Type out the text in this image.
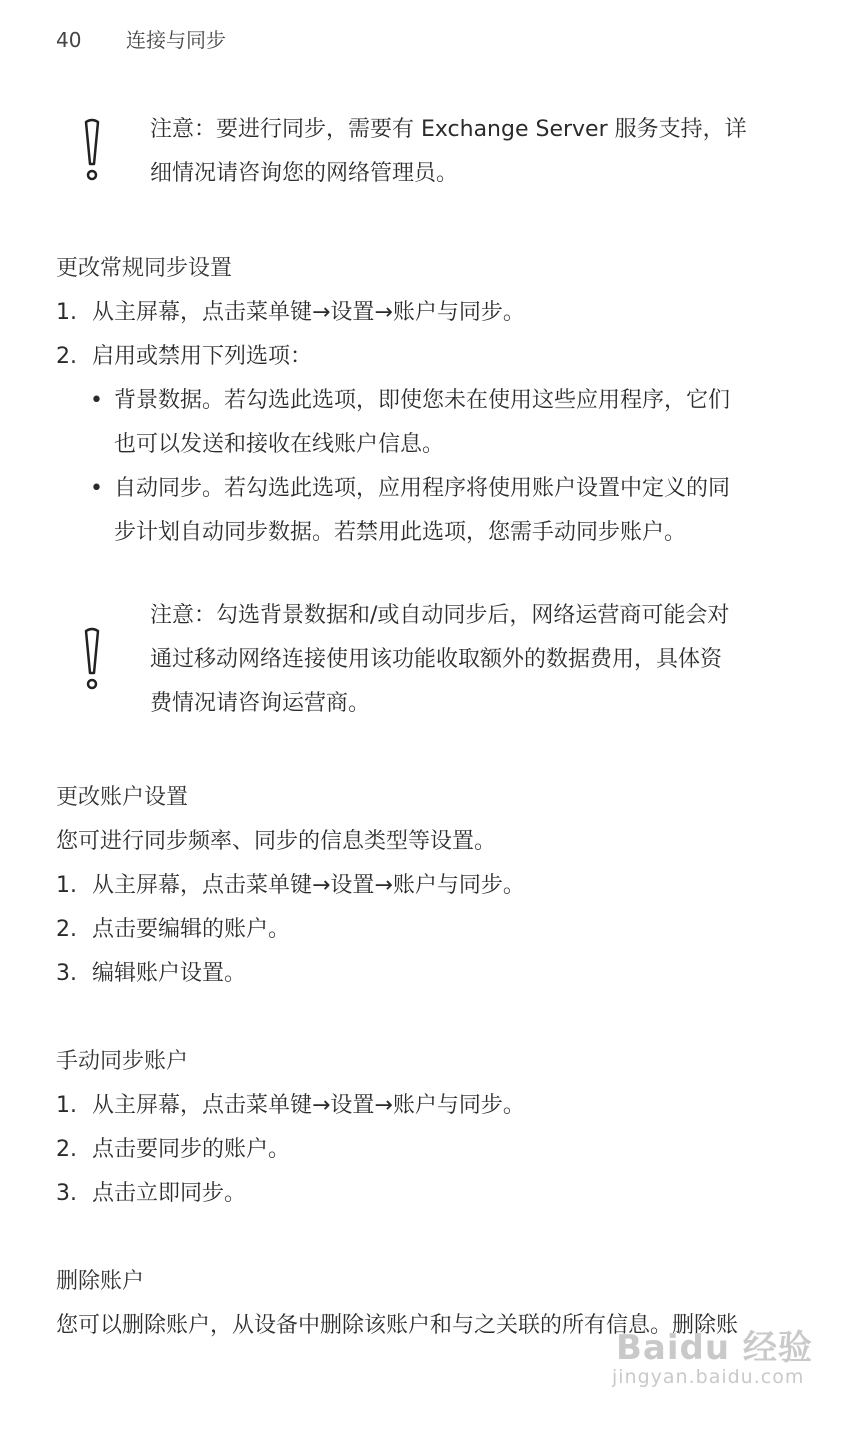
40 连接与同步
注意：要进行同步，需要有 Exchange Server 服务支持，详
细情况请咨询您的网络管理员。
更改常规同步设置
1. 从主屏幕，点击菜单键→设置→账户与同步。
2. 启用或禁用下列选项：
• 背景数据。若勾选此选项，即使您未在使用这些应用程序，它们
也可以发送和接收在线账户信息。
• 自动同步。若勾选此选项，应用程序将使用账户设置中定义的同
步计划自动同步数据。若禁用此选项，您需手动同步账户。
注意：勾选背景数据和/或自动同步后，网络运营商可能会对
通过移动网络连接使用该功能收取额外的数据费用，具体资
费情况请咨询运营商。
更改账户设置
您可进行同步频率、同步的信息类型等设置。
1. 从主屏幕，点击菜单键→设置→账户与同步。
2. 点击要编辑的账户。
3. 编辑账户设置。
手动同步账户
1. 从主屏幕，点击菜单键→设置→账户与同步。
2. 点击要同步的账户。
3. 点击立即同步。
删除账户
您可以删除账户，从设备中删除该账户和与之关联的所有信息。删除账
Baidu 经验
jingyan.baidu.com
